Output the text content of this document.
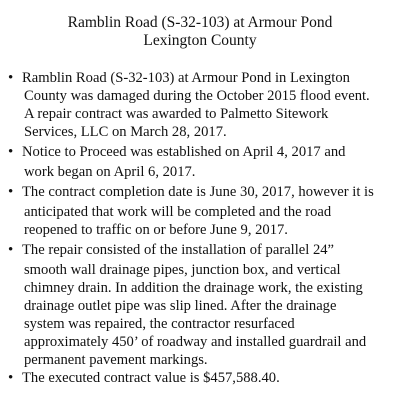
Ramblin Road (S-32-103) at Armour Pond
Lexington County
• Ramblin Road (S-32-103) at Armour Pond in Lexington
County was damaged during the October 2015 flood event.
A repair contract was awarded to Palmetto Sitework
Services, LLC on March 28, 2017.
• Notice to Proceed was established on April 4, 2017 and
work began on April 6, 2017.
• The contract completion date is June 30, 2017, however it is
anticipated that work will be completed and the road
reopened to traffic on or before June 9, 2017.
• The repair consisted of the installation of parallel 24”
smooth wall drainage pipes, junction box, and vertical
chimney drain. In addition the drainage work, the existing
drainage outlet pipe was slip lined. After the drainage
system was repaired, the contractor resurfaced
approximately 450’ of roadway and installed guardrail and
permanent pavement markings.
• The executed contract value is $457,588.40.
